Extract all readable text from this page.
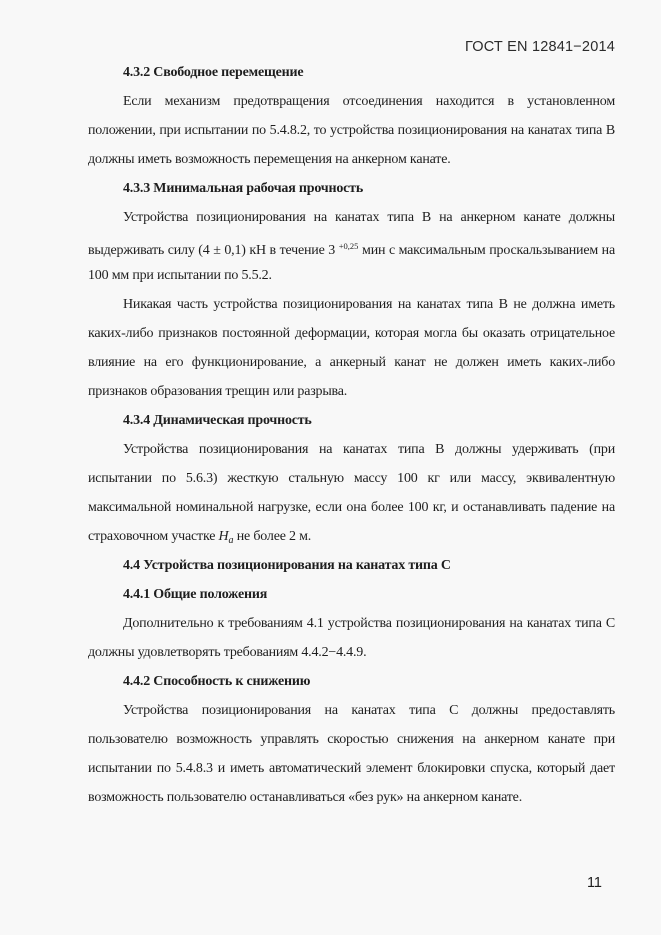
ГОСТ EN 12841−2014
4.3.2 Свободное перемещение
Если механизм предотвращения отсоединения находится в установленном
положении, при испытании по 5.4.8.2, то устройства позиционирования на канатах типа В
должны иметь возможность перемещения на анкерном канате.
4.3.3 Минимальная рабочая прочность
Устройства позиционирования на канатах типа В на анкерном канате должны
выдерживать силу (4 ± 0,1) кН в течение 3 $^{+0,25}$ мин с максимальным проскальзыванием на
100 мм при испытании по 5.5.2.
Никакая часть устройства позиционирования на канатах типа В не должна иметь
каких-либо признаков постоянной деформации, которая могла бы оказать отрицательное
влияние на его функционирование, а анкерный канат не должен иметь каких-либо
признаков образования трещин или разрыва.
4.3.4 Динамическая прочность
Устройства позиционирования на канатах типа В должны удерживать (при
испытании по 5.6.3) жесткую стальную массу 100 кг или массу, эквивалентную
максимальной номинальной нагрузке, если она более 100 кг, и останавливать падение на
страховочном участке $H_a$ не более 2 м.
4.4 Устройства позиционирования на канатах типа С
4.4.1 Общие положения
Дополнительно к требованиям 4.1 устройства позиционирования на канатах типа С
должны удовлетворять требованиям 4.4.2−4.4.9.
4.4.2 Способность к снижению
Устройства позиционирования на канатах типа С должны предоставлять
пользователю возможность управлять скоростью снижения на анкерном канате при
испытании по 5.4.8.3 и иметь автоматический элемент блокировки спуска, который дает
возможность пользователю останавливаться «без рук» на анкерном канате.
11
